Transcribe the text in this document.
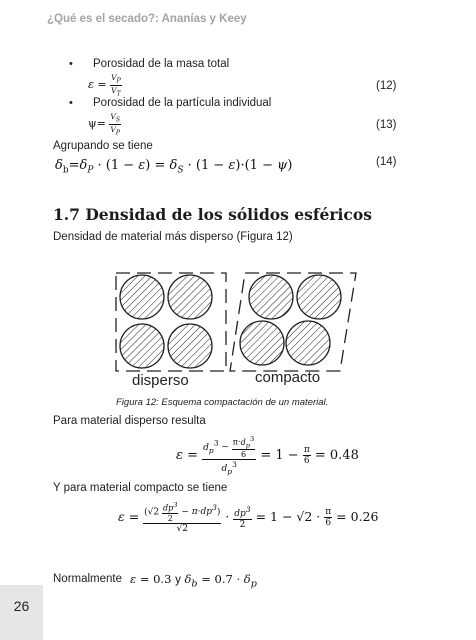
¿Qué es el secado?: Ananías y Keey
• Porosidad de la masa total
$\varepsilon = \frac{V_P}{V_T}$	(12)
• Porosidad de la partícula individual
$\psi= \frac{V_S}{V_P}$	(13)
Agrupando se tiene
$\delta_b=\delta_P \cdot (1 - \varepsilon) = \delta_S \cdot (1 - \varepsilon)\cdot(1 - \psi)$	(14)
1.7 Densidad de los sólidos esféricos
Densidad de material más disperso (Figura 12)
disperso	compacto
Figura 12: Esquema compactación de un material.
Para material disperso resulta
$\varepsilon = \frac{d_p^3 - \frac{\pi\cdot d_p^3}{6}}{d_p^3} = 1 - \frac{\pi}{6} = 0.48$
Y para material compacto se tiene
$\varepsilon = \frac{(√2 \frac{dp^3}{2} - \pi\cdot dp^3)}{√2} \cdot \frac{dp^3}{2} = 1 - √2 \cdot \frac{\pi}{6} = 0.26$
Normalmente ε = 0.3 y $\delta_b = 0.7 \cdot \delta_p$
26
